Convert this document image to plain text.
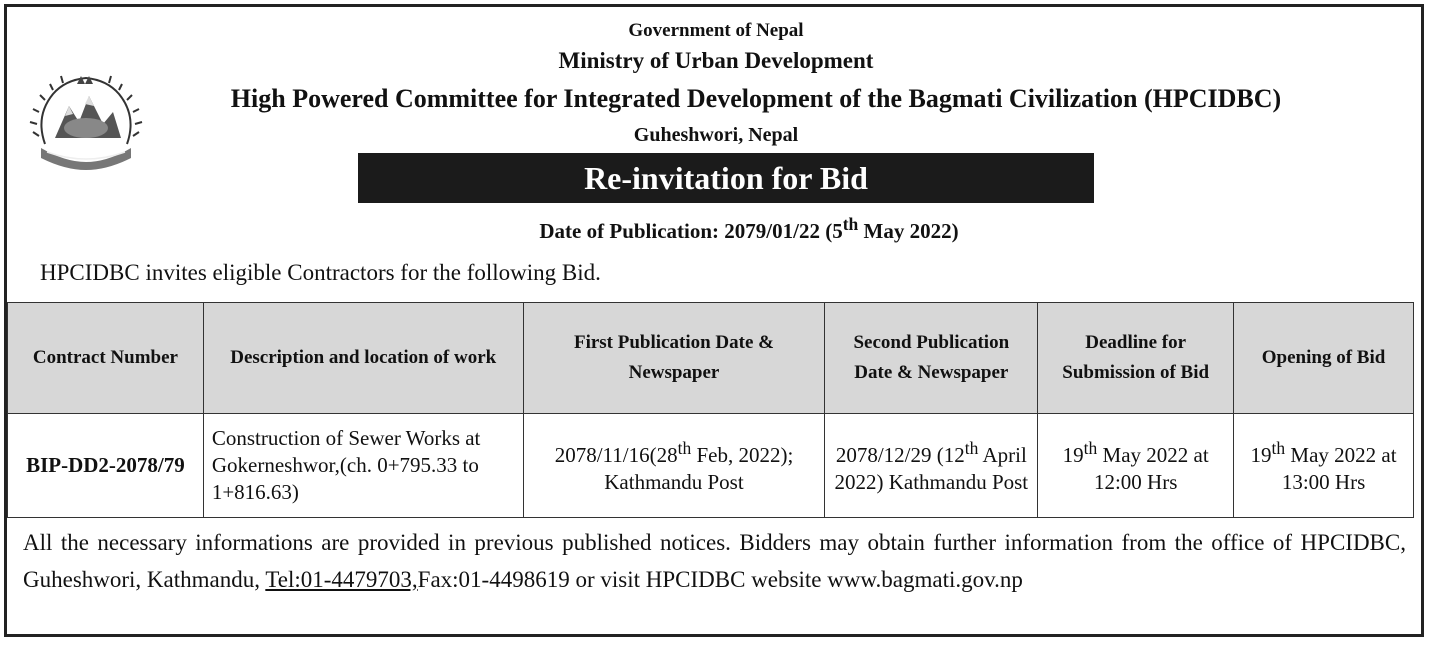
Government of Nepal
Ministry of Urban Development
High Powered Committee for Integrated Development of the Bagmati Civilization (HPCIDBC)
Guheshwori, Nepal
Re-invitation for Bid
Date of Publication: 2079/01/22 (5th May 2022)
HPCIDBC invites eligible Contractors for the following Bid.
Contract Number	Description and location of work	First Publication Date & Newspaper	Second Publication Date & Newspaper	Deadline for Submission of Bid	Opening of Bid
BIP-DD2-2078/79	Construction of Sewer Works at Gokerneshwor,(ch. 0+795.33 to 1+816.63)	2078/11/16(28th Feb, 2022); Kathmandu Post	2078/12/29 (12th April 2022) Kathmandu Post	19th May 2022 at 12:00 Hrs	19th May 2022 at 13:00 Hrs
All the necessary informations are provided in previous published notices. Bidders may obtain further information from the office of HPCIDBC, Guheshwori, Kathmandu, Tel:01-4479703,Fax:01-4498619 or visit HPCIDBC website www.bagmati.gov.np
